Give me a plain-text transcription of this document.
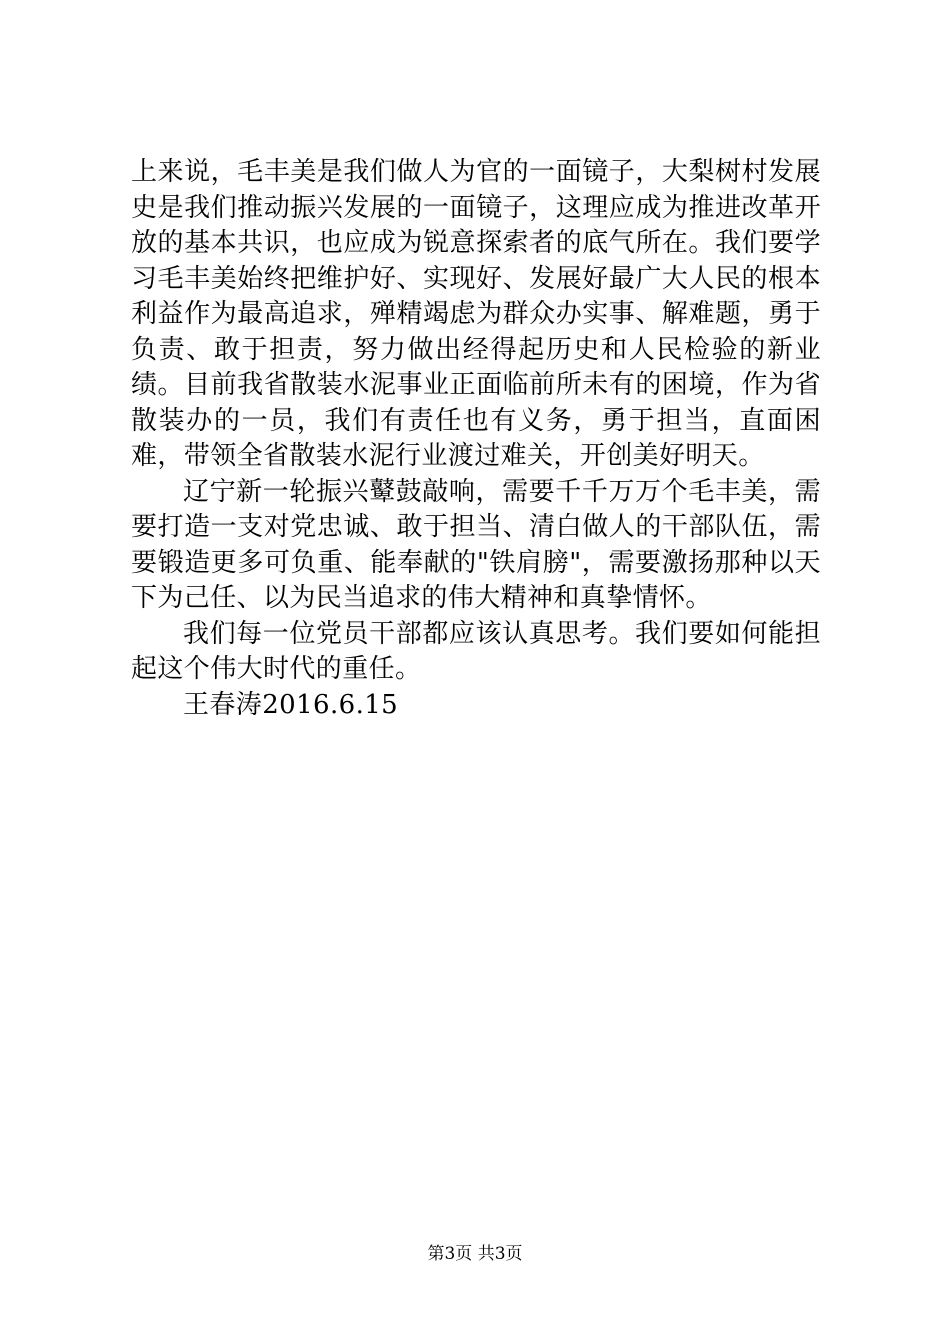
上来说，毛丰美是我们做人为官的一面镜子，大梨树村发展史是我们推动振兴发展的一面镜子，这理应成为推进改革开放的基本共识，也应成为锐意探索者的底气所在。我们要学习毛丰美始终把维护好、实现好、发展好最广大人民的根本利益作为最高追求，殚精竭虑为群众办实事、解难题，勇于负责、敢于担责，努力做出经得起历史和人民检验的新业绩。目前我省散装水泥事业正面临前所未有的困境，作为省散装办的一员，我们有责任也有义务，勇于担当，直面困难，带领全省散装水泥行业渡过难关，开创美好明天。

辽宁新一轮振兴鼙鼓敲响，需要千千万万个毛丰美，需要打造一支对党忠诚、敢于担当、清白做人的干部队伍，需要锻造更多可负重、能奉献的"铁肩膀"，需要激扬那种以天下为己任、以为民当追求的伟大精神和真挚情怀。

我们每一位党员干部都应该认真思考。我们要如何能担起这个伟大时代的重任。

王春涛2016.6.15

第3页 共3页
